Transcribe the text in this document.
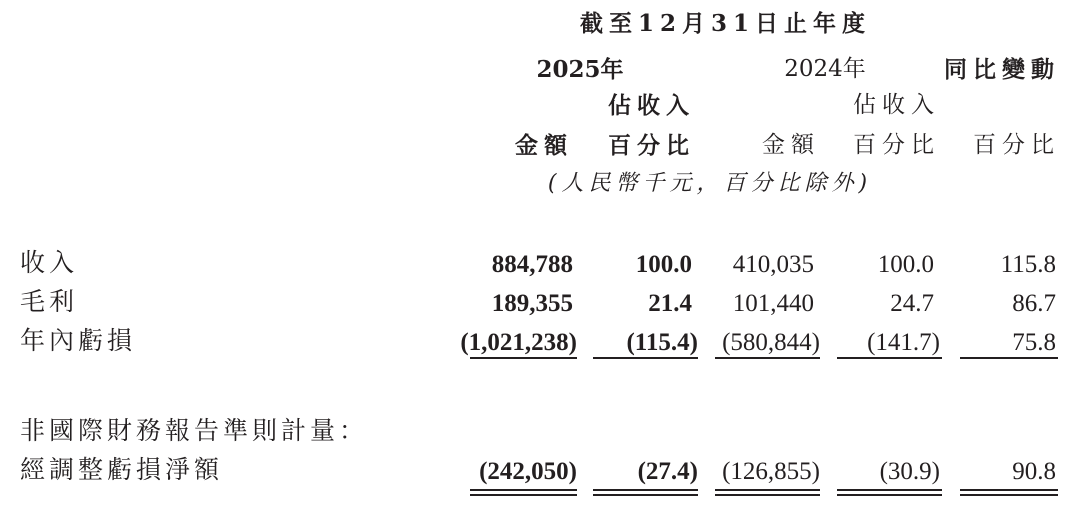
截至12月31日止年度
2025年	2024年	同比變動
佔收入	佔收入
金額	百分比	金額	百分比	百分比
(人民幣千元，百分比除外)
收入	884,788	100.0	410,035	100.0	115.8
毛利	189,355	21.4	101,440	24.7	86.7
年內虧損	(1,021,238)	(115.4) (580,844)	(141.7)	75.8
非國際財務報告準則計量：
經調整虧損淨額	(242,050)	(27.4) (126,855)	(30.9)	90.8
